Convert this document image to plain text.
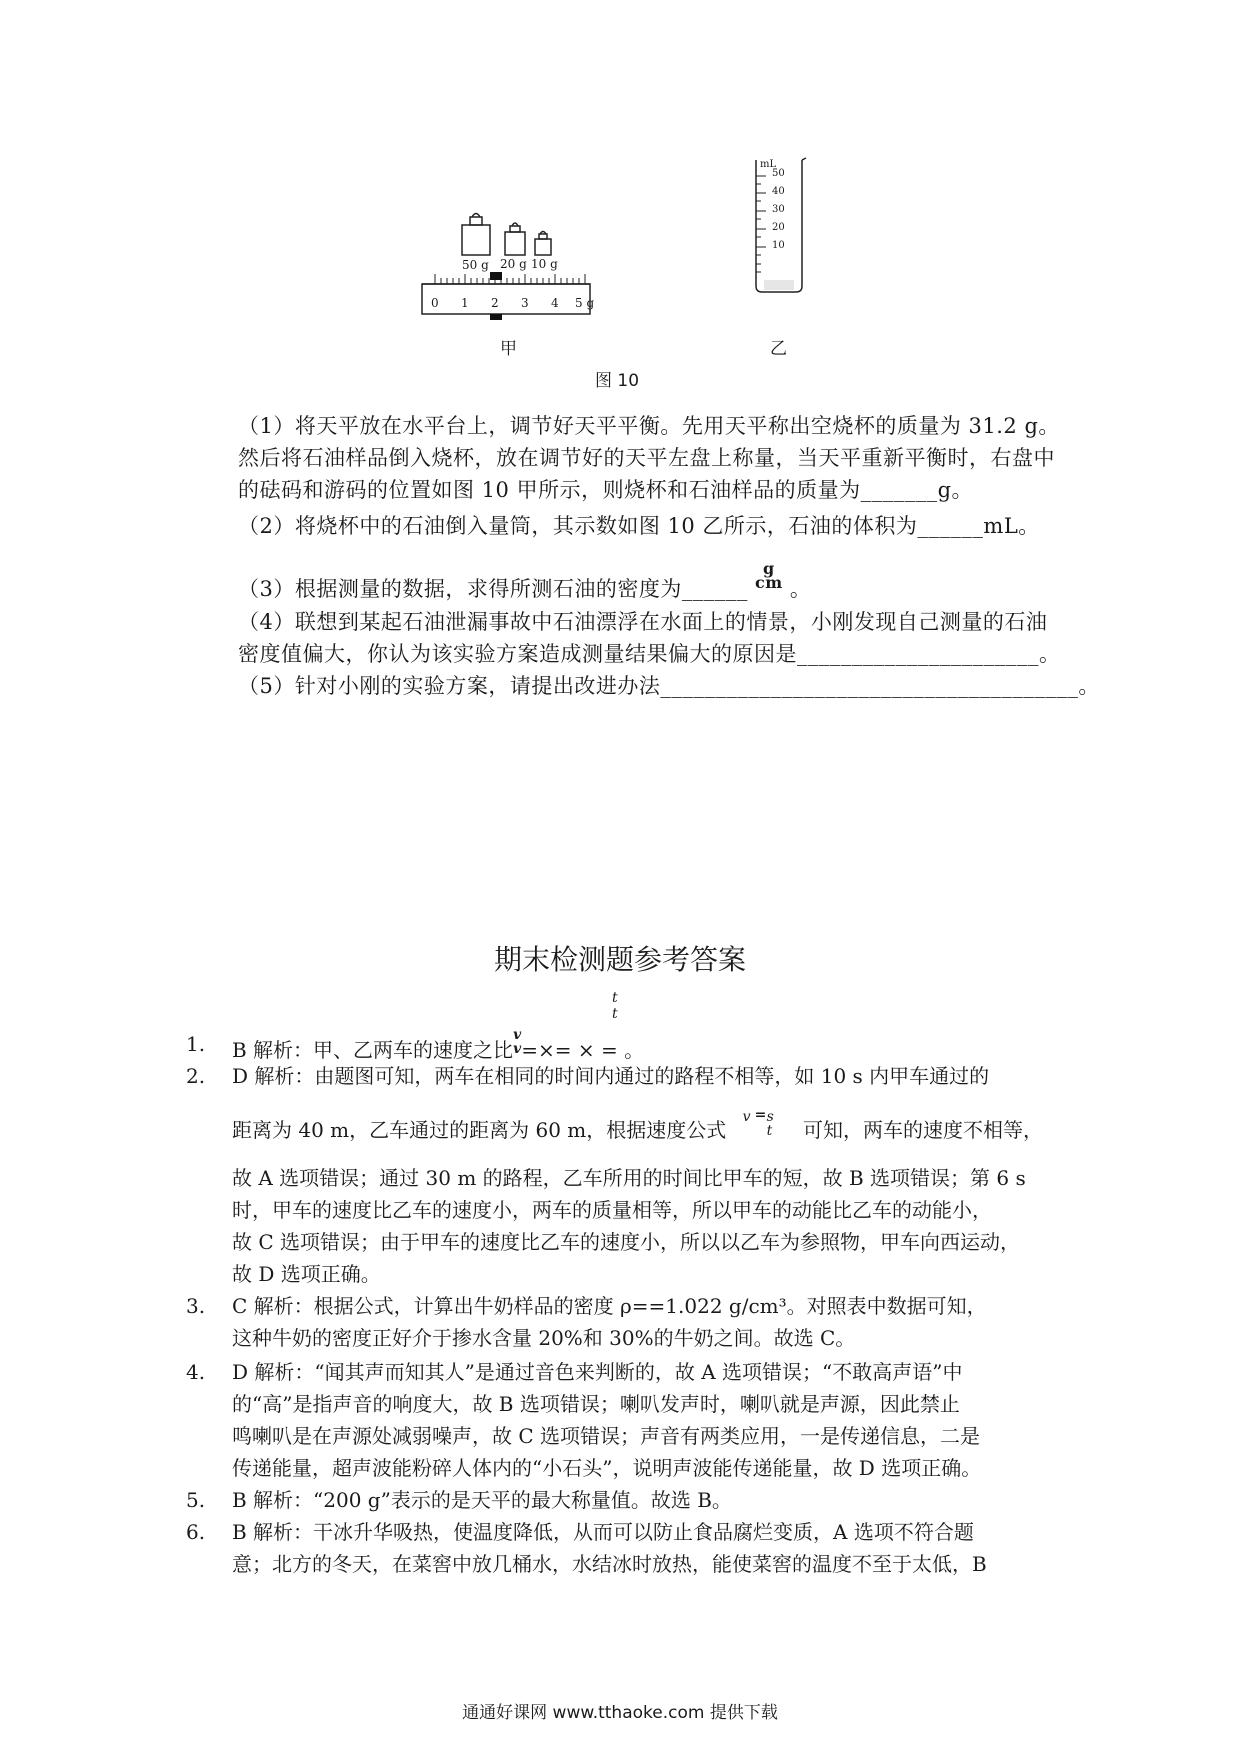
50 g 20 g 10 g
0 1 2 3 4 5 g
mL
50
40
30
20
10
甲	乙
图 10
（1）将天平放在水平台上，调节好天平平衡。先用天平称出空烧杯的质量为 31.2 g。
然后将石油样品倒入烧杯，放在调节好的天平左盘上称量，当天平重新平衡时，右盘中
的砝码和游码的位置如图 10 甲所示，则烧杯和石油样品的质量为_______g。
（2）将烧杯中的石油倒入量筒，其示数如图 10 乙所示，石油的体积为______mL。
（3）根据测量的数据，求得所测石油的密度为______
g
cm 。
（4）联想到某起石油泄漏事故中石油漂浮在水面上的情景，小刚发现自己测量的石油
密度值偏大，你认为该实验方案造成测量结果偏大的原因是______________________。
（5）针对小刚的实验方案，请提出改进办法______________________________________。
期末检测题参考答案
1. B 解析：甲、乙两车的速度之比
v
v =×= × = 。
t
t
2. D 解析：由题图可知，两车在相同的时间内通过的路程不相等，如 10 s 内甲车通过的
距离为 40 m，乙车通过的距离为 60 m，根据速度公式
v = s
t 可知，两车的速度不相等，
故 A 选项错误；通过 30 m 的路程，乙车所用的时间比甲车的短，故 B 选项错误；第 6 s
时，甲车的速度比乙车的速度小，两车的质量相等，所以甲车的动能比乙车的动能小，
故 C 选项错误；由于甲车的速度比乙车的速度小，所以以乙车为参照物，甲车向西运动，
故 D 选项正确。
3. C 解析：根据公式，计算出牛奶样品的密度 ρ==1.022 g/cm³。对照表中数据可知，
这种牛奶的密度正好介于掺水含量 20%和 30%的牛奶之间。故选 C。
4. D 解析：“闻其声而知其人”是通过音色来判断的，故 A 选项错误；“不敢高声语”中
的“高”是指声音的响度大，故 B 选项错误；喇叭发声时，喇叭就是声源，因此禁止
鸣喇叭是在声源处减弱噪声，故 C 选项错误；声音有两类应用，一是传递信息，二是
传递能量，超声波能粉碎人体内的“小石头”，说明声波能传递能量，故 D 选项正确。
5. B 解析：“200 g”表示的是天平的最大称量值。故选 B。
6. B 解析：干冰升华吸热，使温度降低，从而可以防止食品腐烂变质，A 选项不符合题
意；北方的冬天，在菜窖中放几桶水，水结冰时放热，能使菜窖的温度不至于太低，B
通通好课网 www.tthaoke.com 提供下载
